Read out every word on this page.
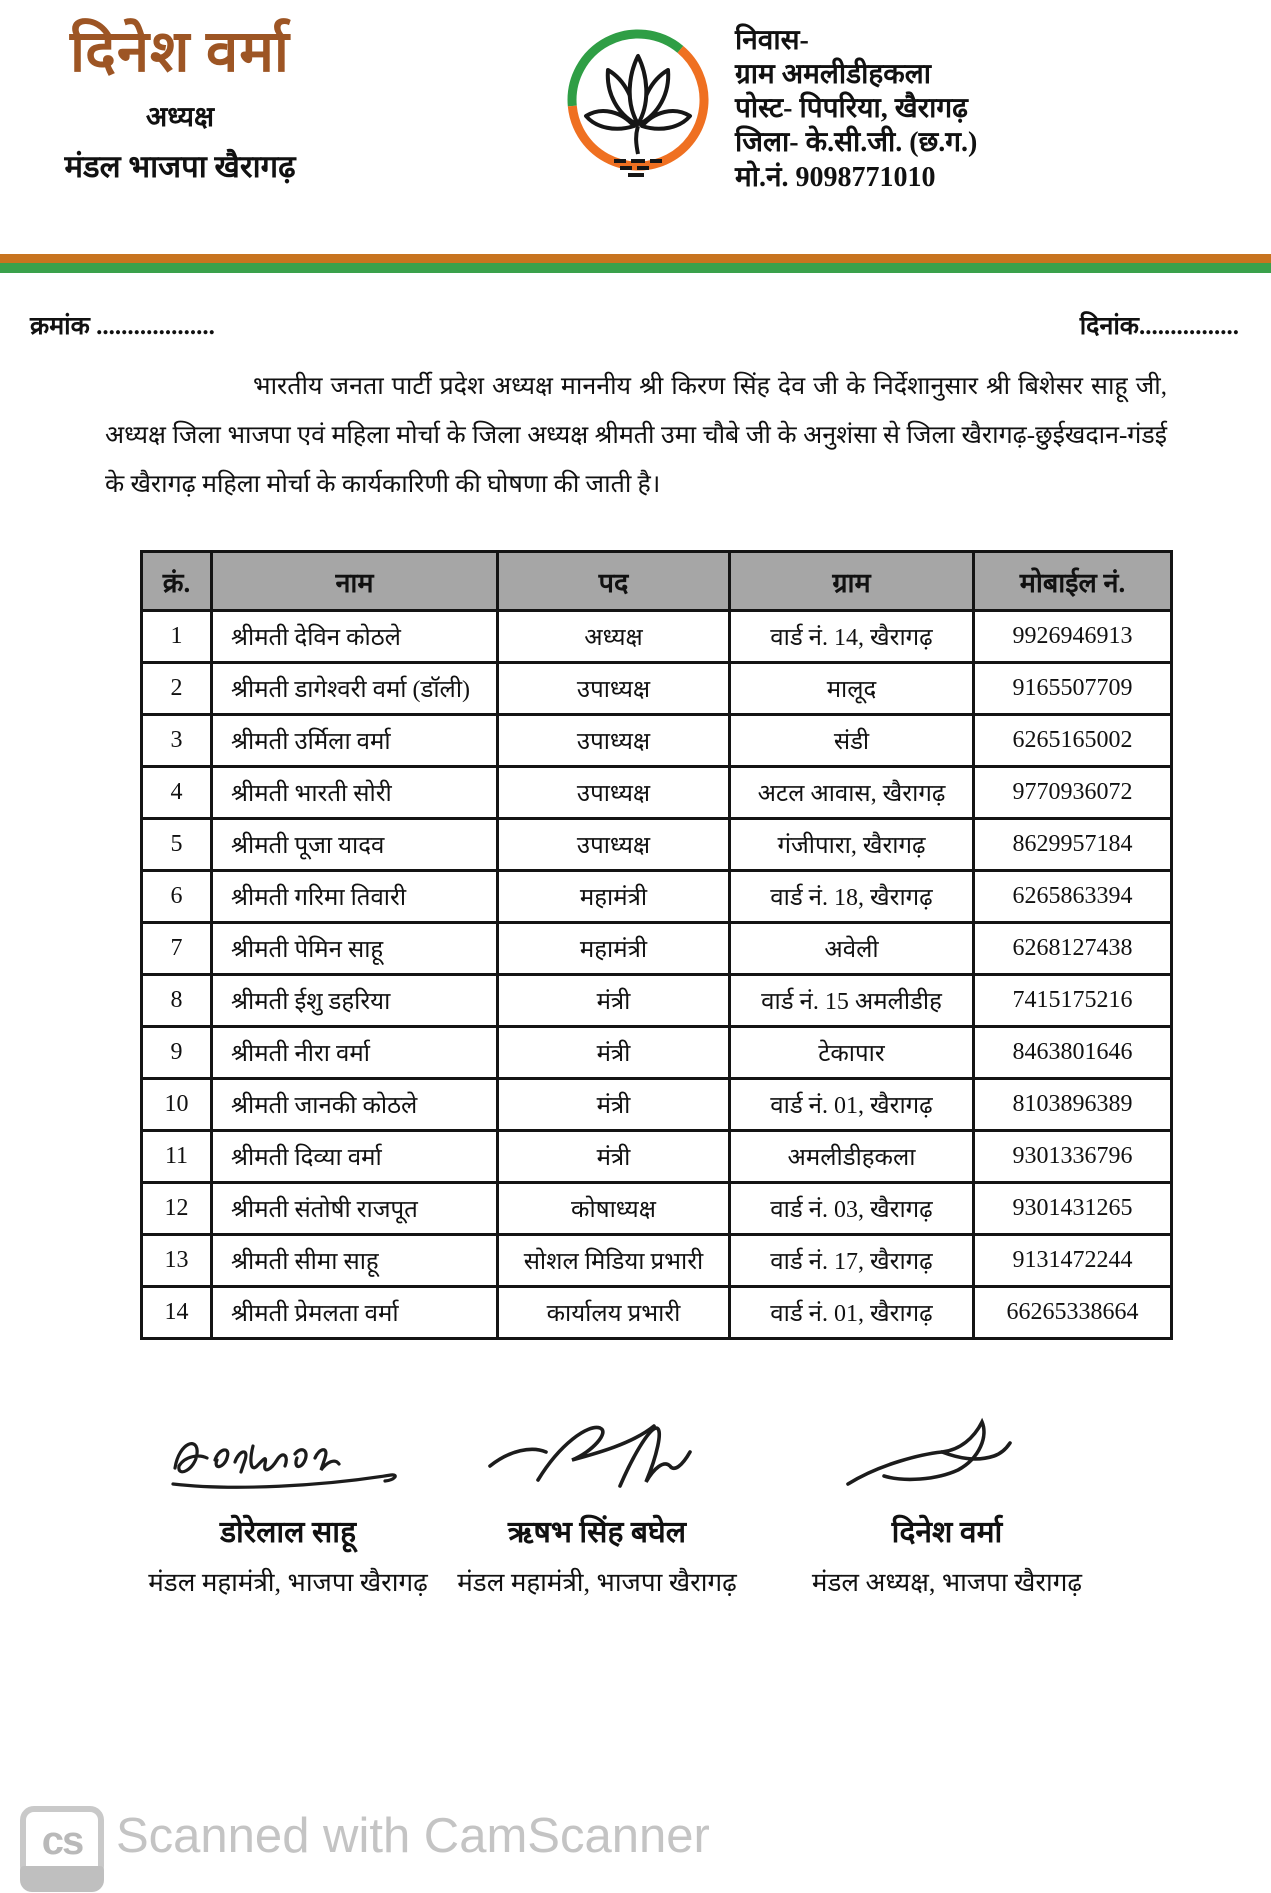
दिनेश वर्मा
अध्यक्ष
मंडल भाजपा खैरागढ़
निवास-
ग्राम अमलीडीहकला
पोस्ट- पिपरिया, खैरागढ़
जिला- के.सी.जी. (छ.ग.)
मो.नं. 9098771010
क्रमांक ...................	दिनांक................
भारतीय जनता पार्टी प्रदेश अध्यक्ष माननीय श्री किरण सिंह देव जी के निर्देशानुसार श्री बिशेसर साहू जी, अध्यक्ष जिला भाजपा एवं महिला मोर्चा के जिला अध्यक्ष श्रीमती उमा चौबे जी के अनुशंसा से जिला खैरागढ़-छुईखदान-गंडई के खैरागढ़ महिला मोर्चा के कार्यकारिणी की घोषणा की जाती है।
क्रं.	नाम	पद	ग्राम	मोबाईल नं.
1	श्रीमती देविन कोठले	अध्यक्ष	वार्ड नं. 14, खैरागढ़	9926946913
2	श्रीमती डागेश्वरी वर्मा (डॉली)	उपाध्यक्ष	मालूद	9165507709
3	श्रीमती उर्मिला वर्मा	उपाध्यक्ष	संडी	6265165002
4	श्रीमती भारती सोरी	उपाध्यक्ष	अटल आवास, खैरागढ़	9770936072
5	श्रीमती पूजा यादव	उपाध्यक्ष	गंजीपारा, खैरागढ़	8629957184
6	श्रीमती गरिमा तिवारी	महामंत्री	वार्ड नं. 18, खैरागढ़	6265863394
7	श्रीमती पेमिन साहू	महामंत्री	अवेली	6268127438
8	श्रीमती ईशु डहरिया	मंत्री	वार्ड नं. 15 अमलीडीह	7415175216
9	श्रीमती नीरा वर्मा	मंत्री	टेकापार	8463801646
10	श्रीमती जानकी कोठले	मंत्री	वार्ड नं. 01, खैरागढ़	8103896389
11	श्रीमती दिव्या वर्मा	मंत्री	अमलीडीहकला	9301336796
12	श्रीमती संतोषी राजपूत	कोषाध्यक्ष	वार्ड नं. 03, खैरागढ़	9301431265
13	श्रीमती सीमा साहू	सोशल मिडिया प्रभारी	वार्ड नं. 17, खैरागढ़	9131472244
14	श्रीमती प्रेमलता वर्मा	कार्यालय प्रभारी	वार्ड नं. 01, खैरागढ़	66265338664
डोरेलाल साहू
मंडल महामंत्री, भाजपा खैरागढ़
ऋषभ सिंह बघेल
मंडल महामंत्री, भाजपा खैरागढ़
दिनेश वर्मा
मंडल अध्यक्ष, भाजपा खैरागढ़
cs Scanned with CamScanner
